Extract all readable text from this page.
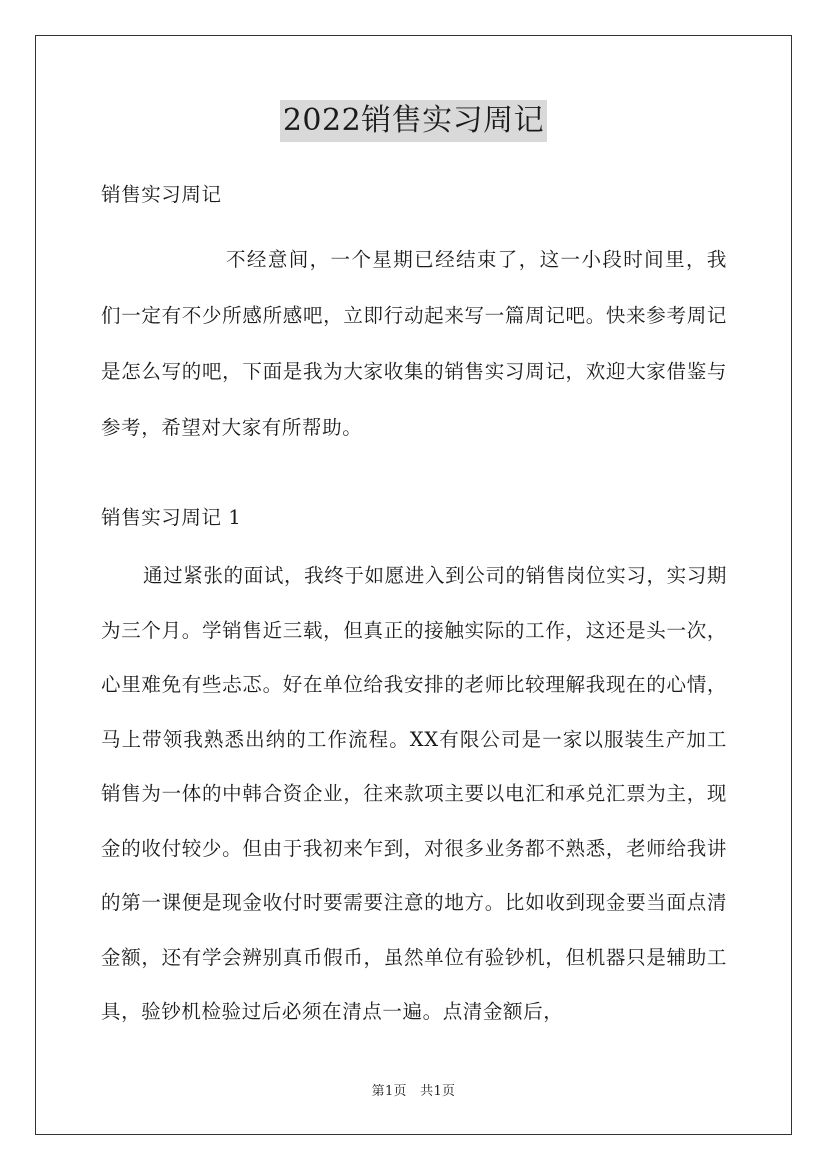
2022销售实习周记
销售实习周记
不经意间，一个星期已经结束了，这一小段时间里，我们一定有不少所感所感吧，立即行动起来写一篇周记吧。快来参考周记是怎么写的吧，下面是我为大家收集的销售实习周记，欢迎大家借鉴与参考，希望对大家有所帮助。
销售实习周记 1
通过紧张的面试，我终于如愿进入到公司的销售岗位实习，实习期为三个月。学销售近三载，但真正的接触实际的工作，这还是头一次，心里难免有些忐忑。好在单位给我安排的老师比较理解我现在的心情，马上带领我熟悉出纳的工作流程。XX有限公司是一家以服装生产加工销售为一体的中韩合资企业，往来款项主要以电汇和承兑汇票为主，现金的收付较少。但由于我初来乍到，对很多业务都不熟悉，老师给我讲的第一课便是现金收付时要需要注意的地方。比如收到现金要当面点清金额，还有学会辨别真币假币，虽然单位有验钞机，但机器只是辅助工具，验钞机检验过后必须在清点一遍。点清金额后，
第1页　共1页
